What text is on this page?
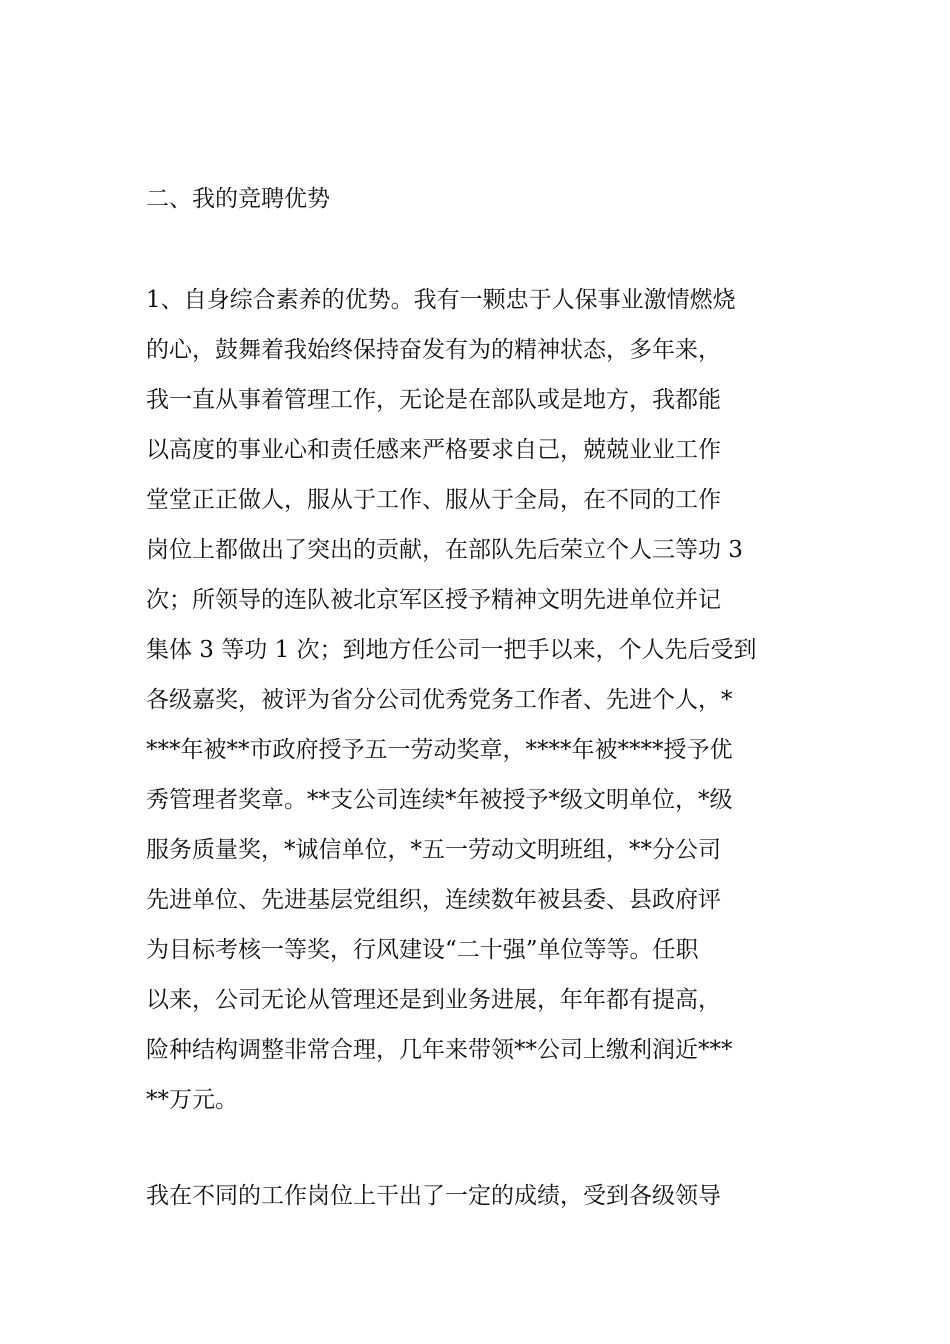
二、我的竞聘优势
1、自身综合素养的优势。我有一颗忠于人保事业激情燃烧
的心，鼓舞着我始终保持奋发有为的精神状态，多年来，
我一直从事着管理工作，无论是在部队或是地方，我都能
以高度的事业心和责任感来严格要求自己，兢兢业业工作
堂堂正正做人，服从于工作、服从于全局，在不同的工作
岗位上都做出了突出的贡献，在部队先后荣立个人三等功 3
次；所领导的连队被北京军区授予精神文明先进单位并记
集体 3 等功 1 次；到地方任公司一把手以来，个人先后受到
各级嘉奖，被评为省分公司优秀党务工作者、先进个人，*
***年被**市政府授予五一劳动奖章，****年被****授予优
秀管理者奖章。**支公司连续*年被授予*级文明单位，*级
服务质量奖，*诚信单位，*五一劳动文明班组，**分公司
先进单位、先进基层党组织，连续数年被县委、县政府评
为目标考核一等奖，行风建设“二十强”单位等等。任职
以来，公司无论从管理还是到业务进展，年年都有提高，
险种结构调整非常合理，几年来带领**公司上缴利润近***
**万元。
我在不同的工作岗位上干出了一定的成绩，受到各级领导
